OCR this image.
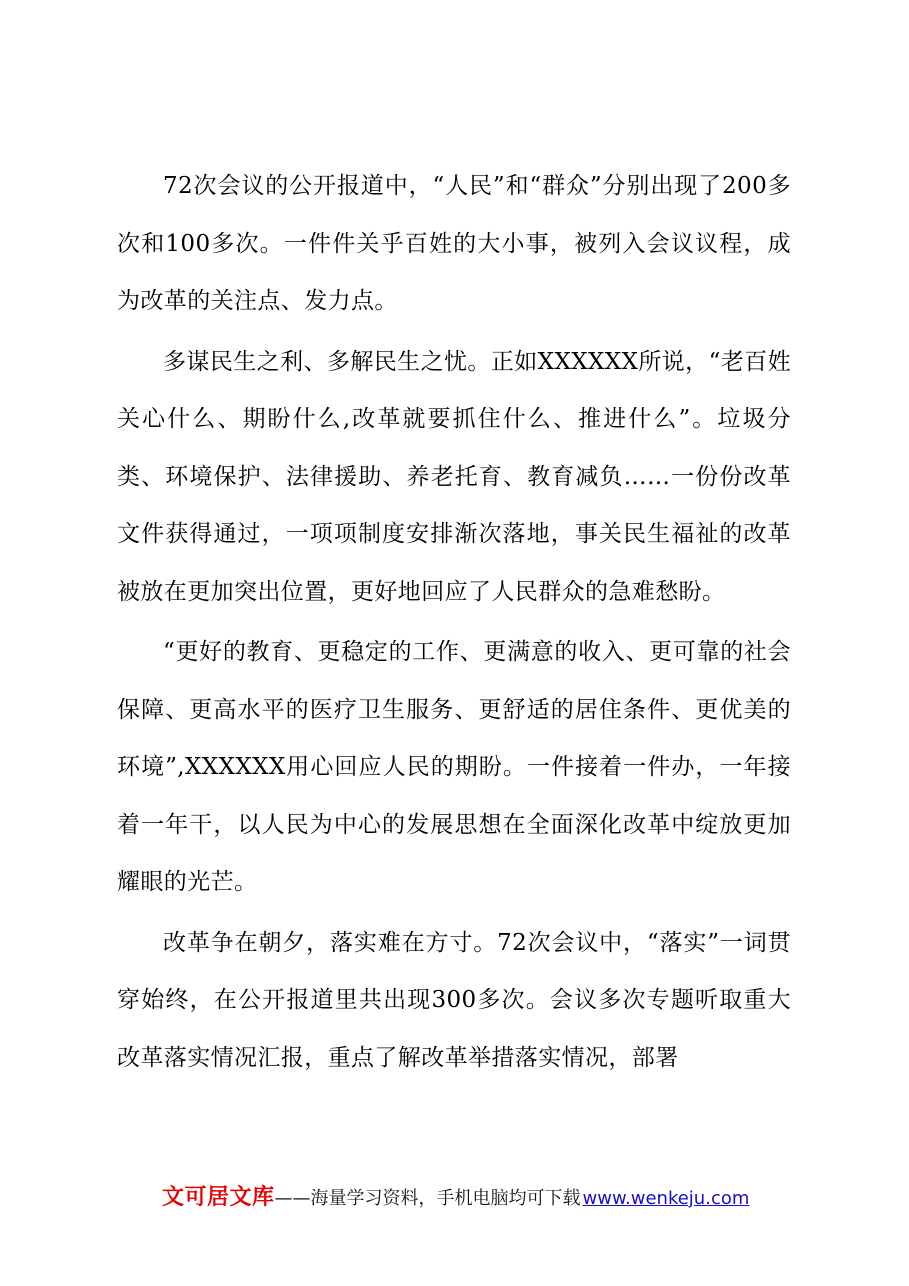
72次会议的公开报道中，“人民”和“群众”分别出现了200多次和100多次。一件件关乎百姓的大小事，被列入会议议程，成为改革的关注点、发力点。

多谋民生之利、多解民生之忧。正如XXXXXX所说，“老百姓关心什么、期盼什么,改革就要抓住什么、推进什么”。垃圾分类、环境保护、法律援助、养老托育、教育减负……一份份改革文件获得通过，一项项制度安排渐次落地，事关民生福祉的改革被放在更加突出位置，更好地回应了人民群众的急难愁盼。

“更好的教育、更稳定的工作、更满意的收入、更可靠的社会保障、更高水平的医疗卫生服务、更舒适的居住条件、更优美的环境”,XXXXXX用心回应人民的期盼。一件接着一件办，一年接着一年干，以人民为中心的发展思想在全面深化改革中绽放更加耀眼的光芒。

改革争在朝夕，落实难在方寸。72次会议中，“落实”一词贯穿始终，在公开报道里共出现300多次。会议多次专题听取重大改革落实情况汇报，重点了解改革举措落实情况，部署

文可居文库 ——海量学习资料，手机电脑均可下载 www.wenkeju.com
